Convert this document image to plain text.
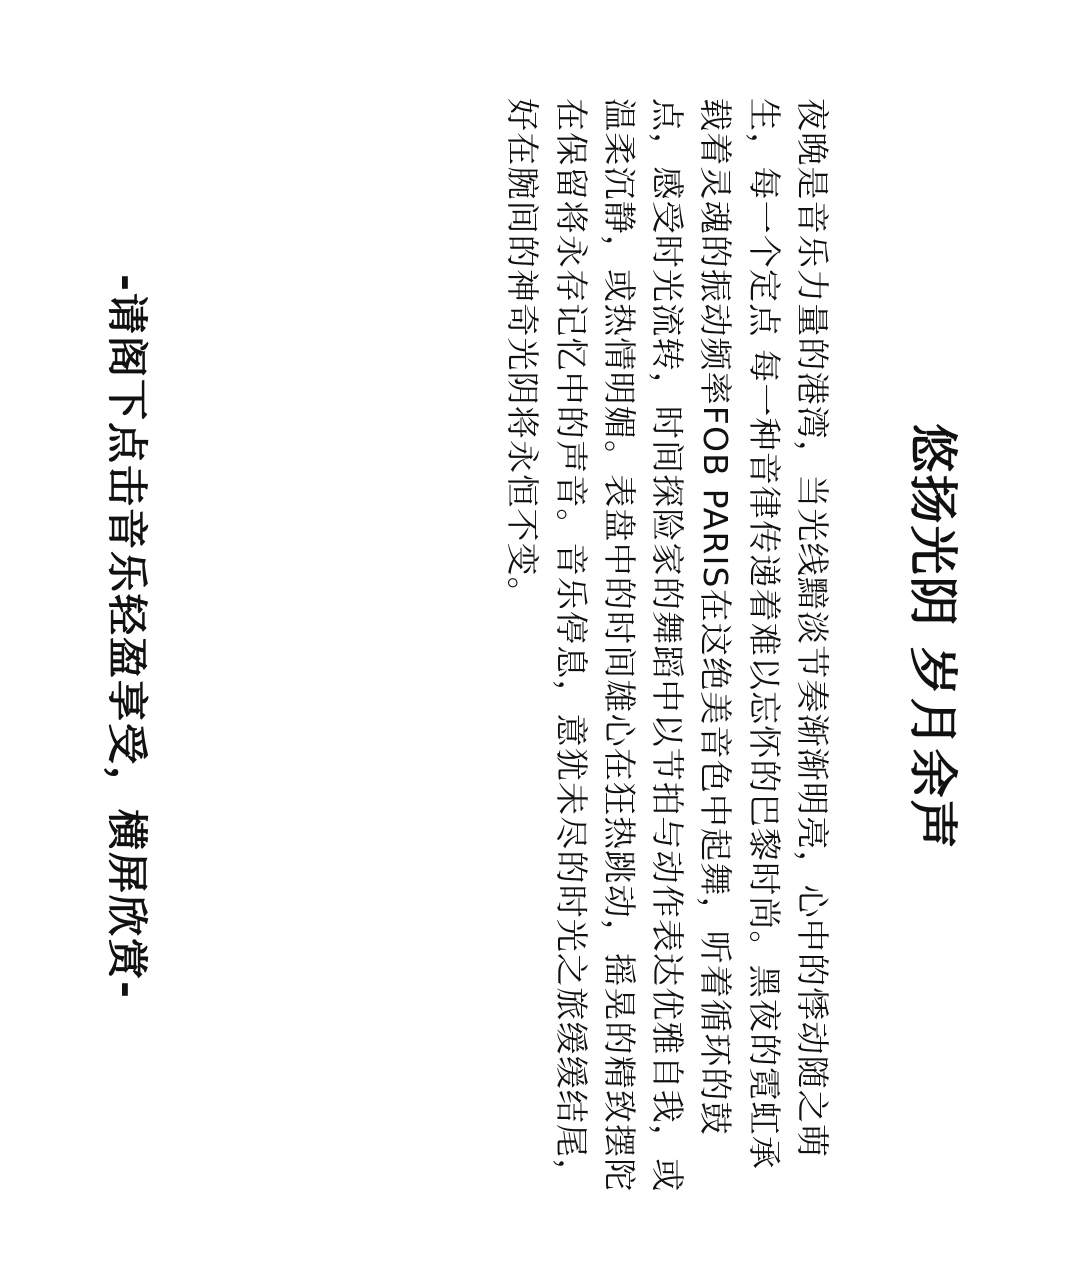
悠扬光阴 岁月余声

夜晚是音乐力量的港湾，当光线黯淡节奏渐渐明亮，心中的悸动随之萌生，每一个定点 每一种音律传递着难以忘怀的巴黎时尚。黑夜的霓虹承载着灵魂的振动频率FOB PARIS在这绝美音色中起舞，听着循环的鼓点，感受时光流转，时间探险家的舞蹈中以节拍与动作表达优雅自我，或温柔沉静，或热情明媚。表盘中的时间雄心在狂热跳动，摇晃的精致摆陀在保留将永存记忆中的声音。音乐停息，意犹未尽的时光之旅缓缓结尾，好在腕间的神奇光阴将永恒不变。

-请阁下点击音乐轻盈享受，横屏欣赏-
